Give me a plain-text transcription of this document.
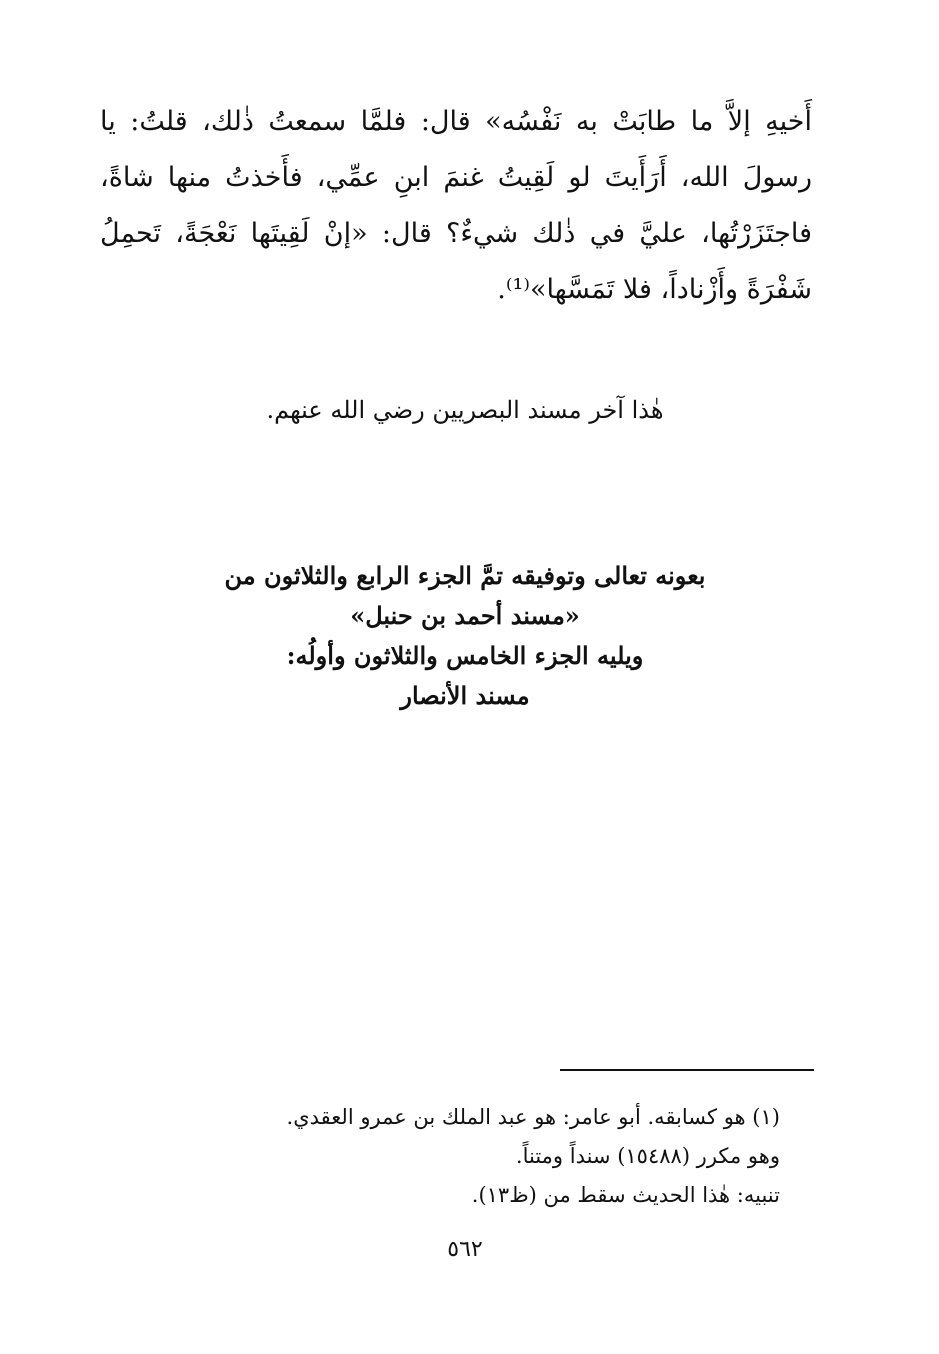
أَخيهِ إلاَّ ما طابَتْ به نَفْسُه» قال: فلمَّا سمعتُ ذٰلك، قلتُ: يا
رسولَ الله، أَرَأَيتَ لو لَقِيتُ غنمَ ابنِ عمِّي، فأَخذتُ منها شاةً،
فاجتَزَرْتُها، عليَّ في ذٰلك شيءٌ؟ قال: «إنْ لَقِيتَها نَعْجَةً، تَحمِلُ
شَفْرَةً وأَزْناداً، فلا تَمَسَّها»⁽¹⁾.
هٰذا آخر مسند البصريين رضي الله عنهم.
بعونه تعالى وتوفيقه تمَّ الجزء الرابع والثلاثون من
«مسند أحمد بن حنبل»
ويليه الجزء الخامس والثلاثون وأولُه:
مسند الأنصار
(١) هو كسابقه. أبو عامر: هو عبد الملك بن عمرو العقدي.
وهو مكرر (١٥٤٨٨) سنداً ومتناً.
تنبيه: هٰذا الحديث سقط من (ظ١٣).
٥٦٢
